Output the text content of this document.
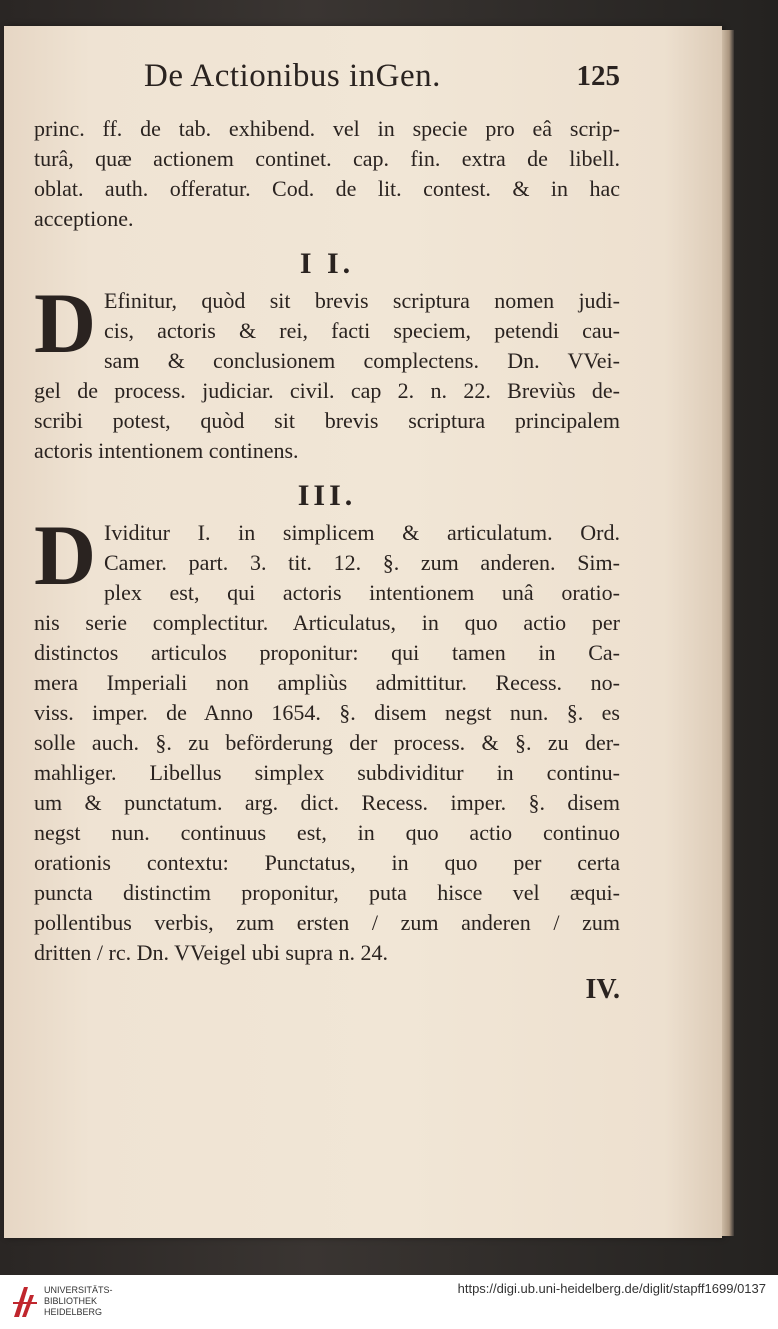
De Actionibus inGen.	125
princ. ff. de tab. exhibend. vel in specie pro eâ scrip-
turâ, quæ actionem continet. cap. fin. extra de libell.
oblat. auth. offeratur. Cod. de lit. contest. & in hac
acceptione.
I I.
D Efinitur, quòd sit brevis scriptura nomen judi-
cis, actoris & rei, facti speciem, petendi cau-
sam & conclusionem complectens. Dn. VVei-
gel de process. judiciar. civil. cap 2. n. 22. Breviùs de-
scribi potest, quòd sit brevis scriptura principalem
actoris intentionem continens.
III.
D Ividitur I. in simplicem & articulatum. Ord.
Camer. part. 3. tit. 12. §. zum anderen. Sim-
plex est, qui actoris intentionem unâ oratio-
nis serie complectitur. Articulatus, in quo actio per
distinctos articulos proponitur: qui tamen in Ca-
mera Imperiali non ampliùs admittitur. Recess. no-
viss. imper. de Anno 1654. §. disem negst nun. §. es
solle auch. §. zu beförderung der process. & §. zu der-
mahliger. Libellus simplex subdividitur in continu-
um & punctatum. arg. dict. Recess. imper. §. disem
negst nun. continuus est, in quo actio continuo
orationis contextu: Punctatus, in quo per certa
puncta distinctim proponitur, puta hisce vel æqui-
pollentibus verbis, zum ersten / zum anderen / zum
dritten / rc. Dn. VVeigel ubi supra n. 24.
IV.
UNIVERSITÄTS-
BIBLIOTHEK
HEIDELBERG
https://digi.ub.uni-heidelberg.de/diglit/stapff1699/0137
